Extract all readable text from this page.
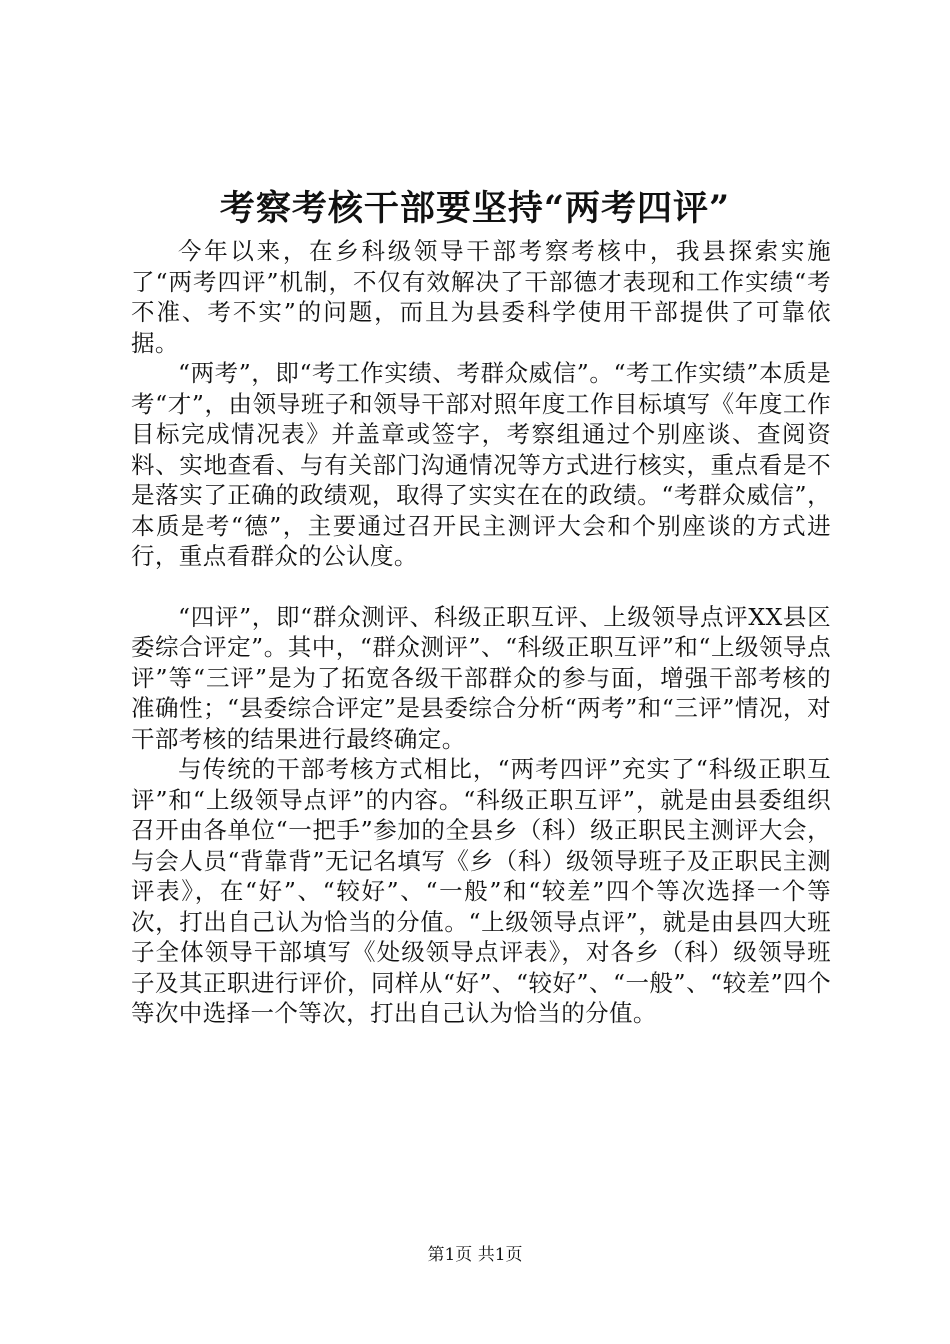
考察考核干部要坚持“两考四评”

今年以来，在乡科级领导干部考察考核中，我县探索实施了“两考四评”机制，不仅有效解决了干部德才表现和工作实绩“考不准、考不实”的问题，而且为县委科学使用干部提供了可靠依据。

“两考”，即“考工作实绩、考群众威信”。“考工作实绩”本质是考“才”，由领导班子和领导干部对照年度工作目标填写《年度工作目标完成情况表》并盖章或签字，考察组通过个别座谈、查阅资料、实地查看、与有关部门沟通情况等方式进行核实，重点看是不是落实了正确的政绩观，取得了实实在在的政绩。“考群众威信”，本质是考“德”，主要通过召开民主测评大会和个别座谈的方式进行，重点看群众的公认度。

“四评”，即“群众测评、科级正职互评、上级领导点评XX县区委综合评定”。其中，“群众测评”、“科级正职互评”和“上级领导点评”等“三评”是为了拓宽各级干部群众的参与面，增强干部考核的准确性；“县委综合评定”是县委综合分析“两考”和“三评”情况，对干部考核的结果进行最终确定。

与传统的干部考核方式相比，“两考四评”充实了“科级正职互评”和“上级领导点评”的内容。“科级正职互评”，就是由县委组织召开由各单位“一把手”参加的全县乡（科）级正职民主测评大会，与会人员“背靠背”无记名填写《乡（科）级领导班子及正职民主测评表》，在“好”、“较好”、“一般”和“较差”四个等次选择一个等次，打出自己认为恰当的分值。“上级领导点评”，就是由县四大班子全体领导干部填写《处级领导点评表》，对各乡（科）级领导班子及其正职进行评价，同样从“好”、“较好”、“一般”、“较差”四个等次中选择一个等次，打出自己认为恰当的分值。

第1页 共1页
